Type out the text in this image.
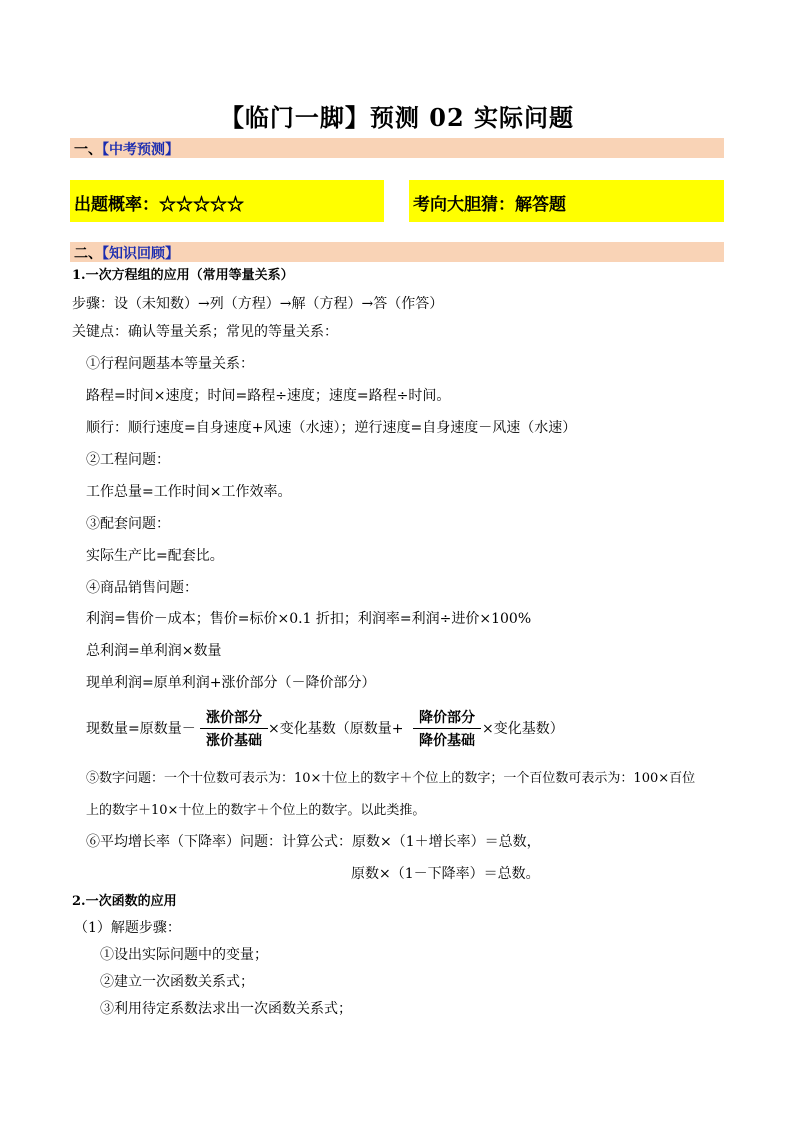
【临门一脚】预测 02 实际问题
一、【中考预测】
出题概率：☆☆☆☆☆	考向大胆猜：解答题
二、【知识回顾】
1.一次方程组的应用（常用等量关系）
步骤：设（未知数）→列（方程）→解（方程）→答（作答）
关键点：确认等量关系；常见的等量关系：
①行程问题基本等量关系：
路程=时间×速度；时间=路程÷速度；速度=路程÷时间。
顺行：顺行速度=自身速度+风速（水速）；逆行速度=自身速度－风速（水速）
②工程问题：
工作总量=工作时间×工作效率。
③配套问题：
实际生产比=配套比。
④商品销售问题：
利润=售价－成本；售价=标价×0.1 折扣；利润率=利润÷进价×100%
总利润=单利润×数量
现单利润=原单利润+涨价部分（－降价部分）
现数量=原数量－
涨价部分
涨价基础
×变化基数（原数量+
降价部分
降价基础
×变化基数）
⑤数字问题：一个十位数可表示为：10×十位上的数字＋个位上的数字；一个百位数可表示为：100×百位
上的数字＋10×十位上的数字＋个位上的数字。以此类推。
⑥平均增长率（下降率）问题：计算公式：原数×（1＋增长率）＝总数，
原数×（1－下降率）＝总数。
2.一次函数的应用
（1）解题步骤：
①设出实际问题中的变量；
②建立一次函数关系式；
③利用待定系数法求出一次函数关系式；
